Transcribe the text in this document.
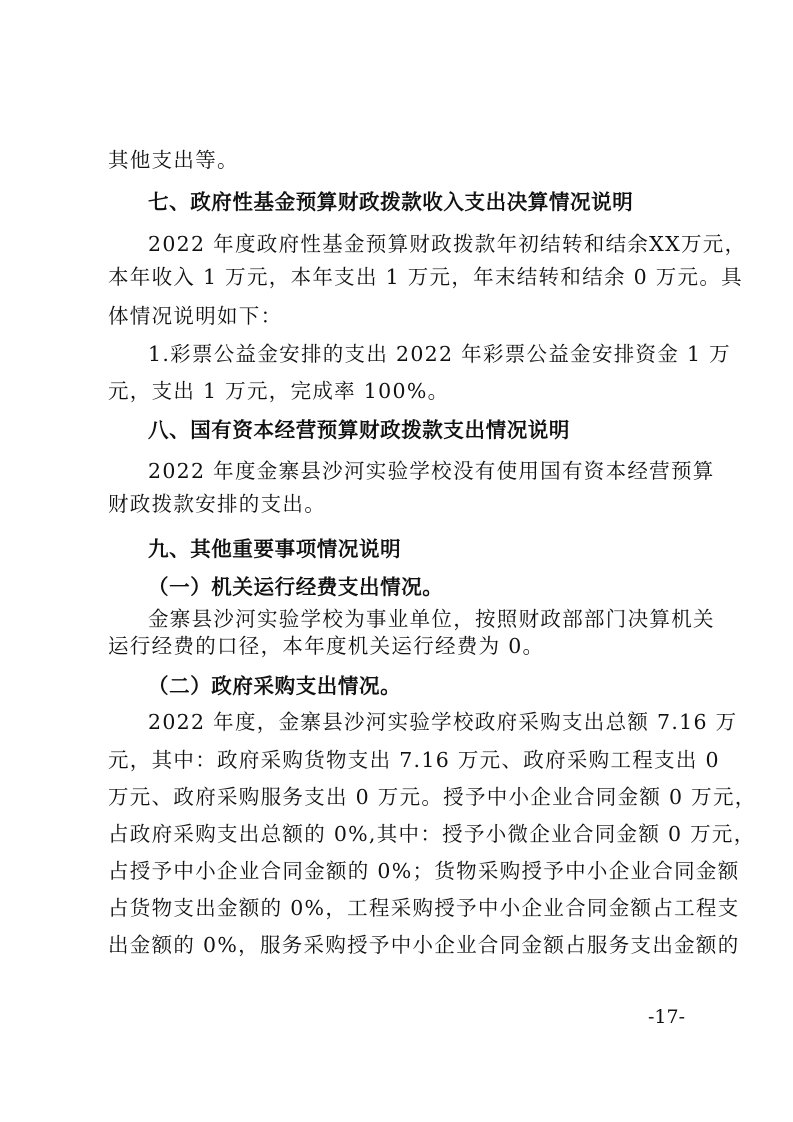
其他支出等。
七、政府性基金预算财政拨款收入支出决算情况说明
2022 年度政府性基金预算财政拨款年初结转和结余XX万元，
本年收入 1 万元，本年支出 1 万元，年末结转和结余 0 万元。具
体情况说明如下：
1.彩票公益金安排的支出 2022 年彩票公益金安排资金 1 万
元，支出 1 万元，完成率 100%。
八、国有资本经营预算财政拨款支出情况说明
2022 年度金寨县沙河实验学校没有使用国有资本经营预算
财政拨款安排的支出。
九、其他重要事项情况说明
（一）机关运行经费支出情况。
金寨县沙河实验学校为事业单位，按照财政部部门决算机关
运行经费的口径，本年度机关运行经费为 0。
（二）政府采购支出情况。
2022 年度，金寨县沙河实验学校政府采购支出总额 7.16 万
元，其中：政府采购货物支出 7.16 万元、政府采购工程支出 0
万元、政府采购服务支出 0 万元。授予中小企业合同金额 0 万元，
占政府采购支出总额的 0%,其中：授予小微企业合同金额 0 万元，
占授予中小企业合同金额的 0%；货物采购授予中小企业合同金额
占货物支出金额的 0%，工程采购授予中小企业合同金额占工程支
出金额的 0%，服务采购授予中小企业合同金额占服务支出金额的
-17-
